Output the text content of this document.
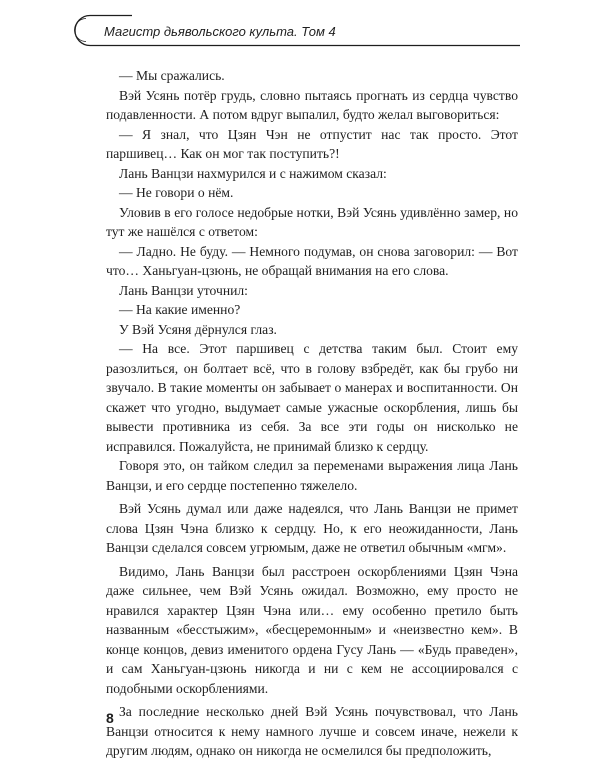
Магистр дьявольского культа. Том 4

— Мы сражались.

Вэй Усянь потёр грудь, словно пытаясь прогнать из сердца чувство подавленности. А потом вдруг выпалил, будто желал выговориться:

— Я знал, что Цзян Чэн не отпустит нас так просто. Этот паршивец… Как он мог так поступить?!

Лань Ванцзи нахмурился и с нажимом сказал:

— Не говори о нём.

Уловив в его голосе недобрые нотки, Вэй Усянь удивлённо замер, но тут же нашёлся с ответом:

— Ладно. Не буду. — Немного подумав, он снова заговорил: — Вот что… Ханьгуан-цзюнь, не обращай внимания на его слова.

Лань Ванцзи уточнил:

— На какие именно?

У Вэй Усяня дёрнулся глаз.

— На все. Этот паршивец с детства таким был. Стоит ему разозлиться, он болтает всё, что в голову взбредёт, как бы грубо ни звучало. В такие моменты он забывает о манерах и воспитанности. Он скажет что угодно, выдумает самые ужасные оскорбления, лишь бы вывести противника из себя. За все эти годы он нисколько не исправился. Пожалуйста, не принимай близко к сердцу.

Говоря это, он тайком следил за переменами выражения лица Лань Ванцзи, и его сердце постепенно тяжелело.

Вэй Усянь думал или даже надеялся, что Лань Ванцзи не примет слова Цзян Чэна близко к сердцу. Но, к его неожиданности, Лань Ванцзи сделался совсем угрюмым, даже не ответил обычным «мгм».

Видимо, Лань Ванцзи был расстроен оскорблениями Цзян Чэна даже сильнее, чем Вэй Усянь ожидал. Возможно, ему просто не нравился характер Цзян Чэна или… ему особенно претило быть названным «бесстыжим», «бесцеремонным» и «неизвестно кем». В конце концов, девиз именитого ордена Гусу Лань — «Будь праведен», и сам Ханьгуан-цзюнь никогда и ни с кем не ассоциировался с подобными оскорблениями.

За последние несколько дней Вэй Усянь почувствовал, что Лань Ванцзи относится к нему намного лучше и совсем иначе, нежели к другим людям, однако он никогда не осмелился бы предположить,

8
